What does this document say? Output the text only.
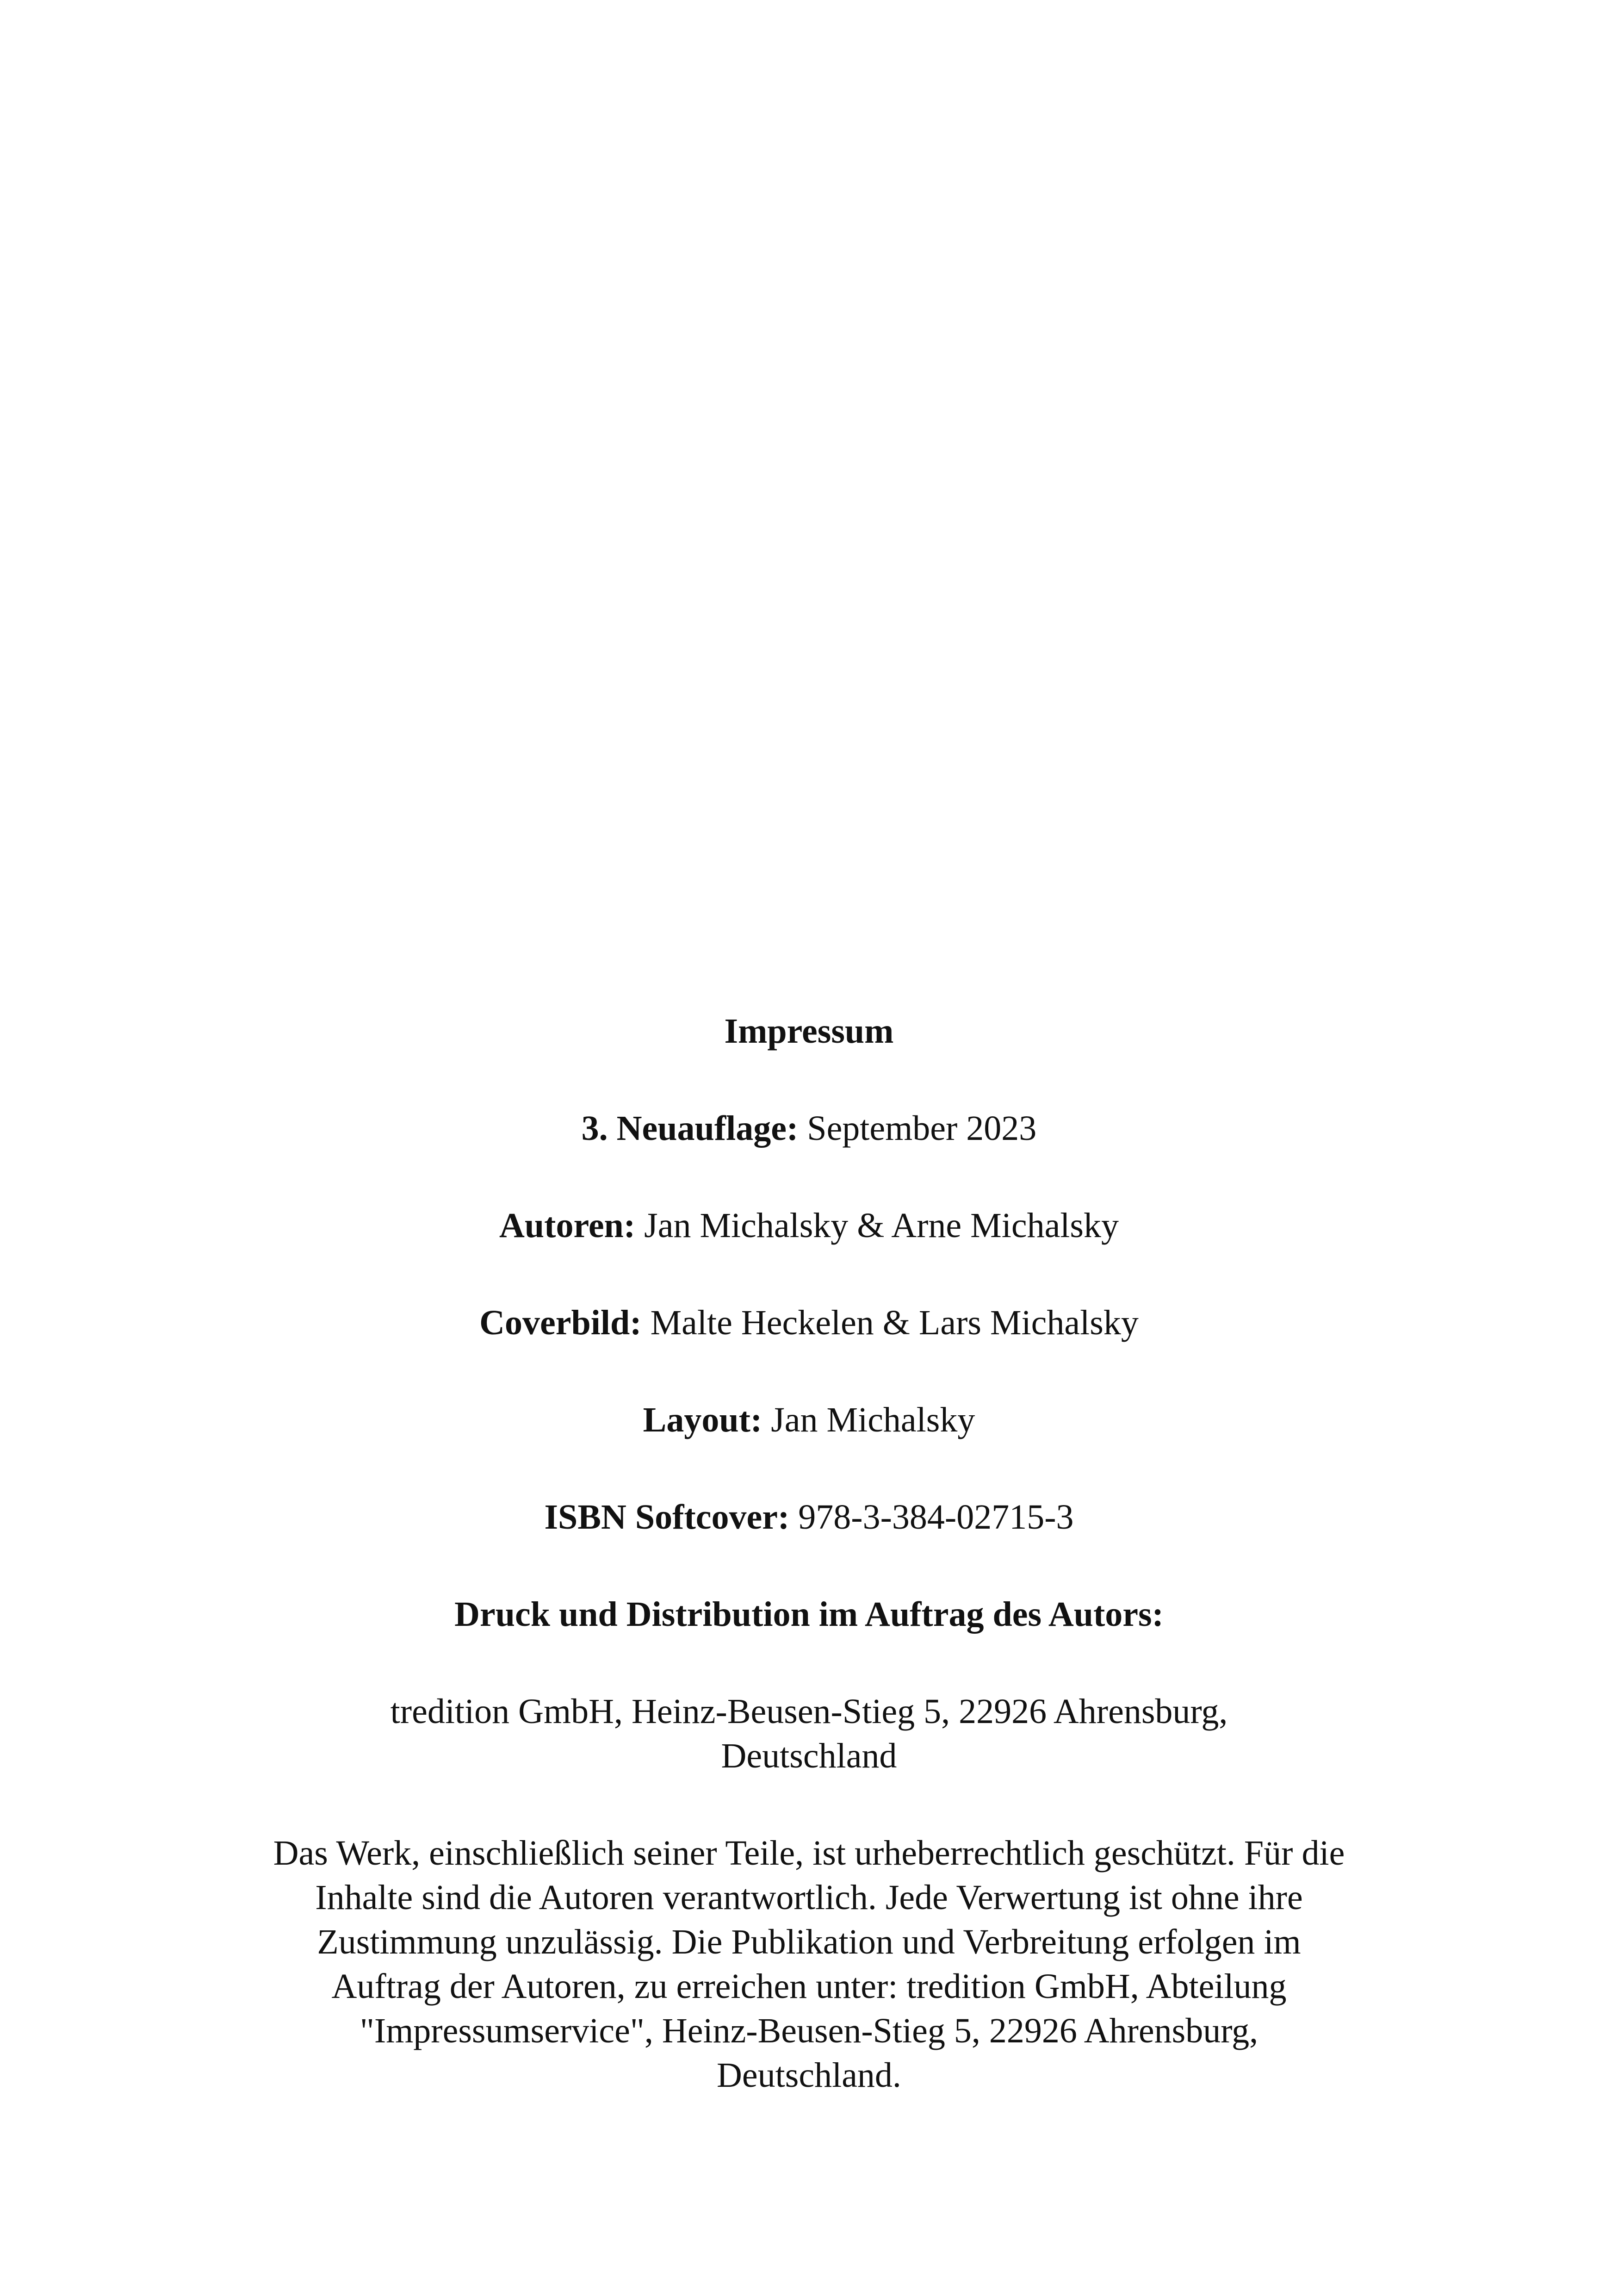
Impressum

3. Neuauflage: September 2023

Autoren: Jan Michalsky & Arne Michalsky

Coverbild: Malte Heckelen & Lars Michalsky

Layout: Jan Michalsky

ISBN Softcover: 978-3-384-02715-3

Druck und Distribution im Auftrag des Autors:

tredition GmbH, Heinz-Beusen-Stieg 5, 22926 Ahrensburg, Deutschland

Das Werk, einschließlich seiner Teile, ist urheberrechtlich geschützt. Für die Inhalte sind die Autoren verantwortlich. Jede Verwertung ist ohne ihre Zustimmung unzulässig. Die Publikation und Verbreitung erfolgen im Auftrag der Autoren, zu erreichen unter: tredition GmbH, Abteilung "Impressumservice", Heinz-Beusen-Stieg 5, 22926 Ahrensburg, Deutschland.
